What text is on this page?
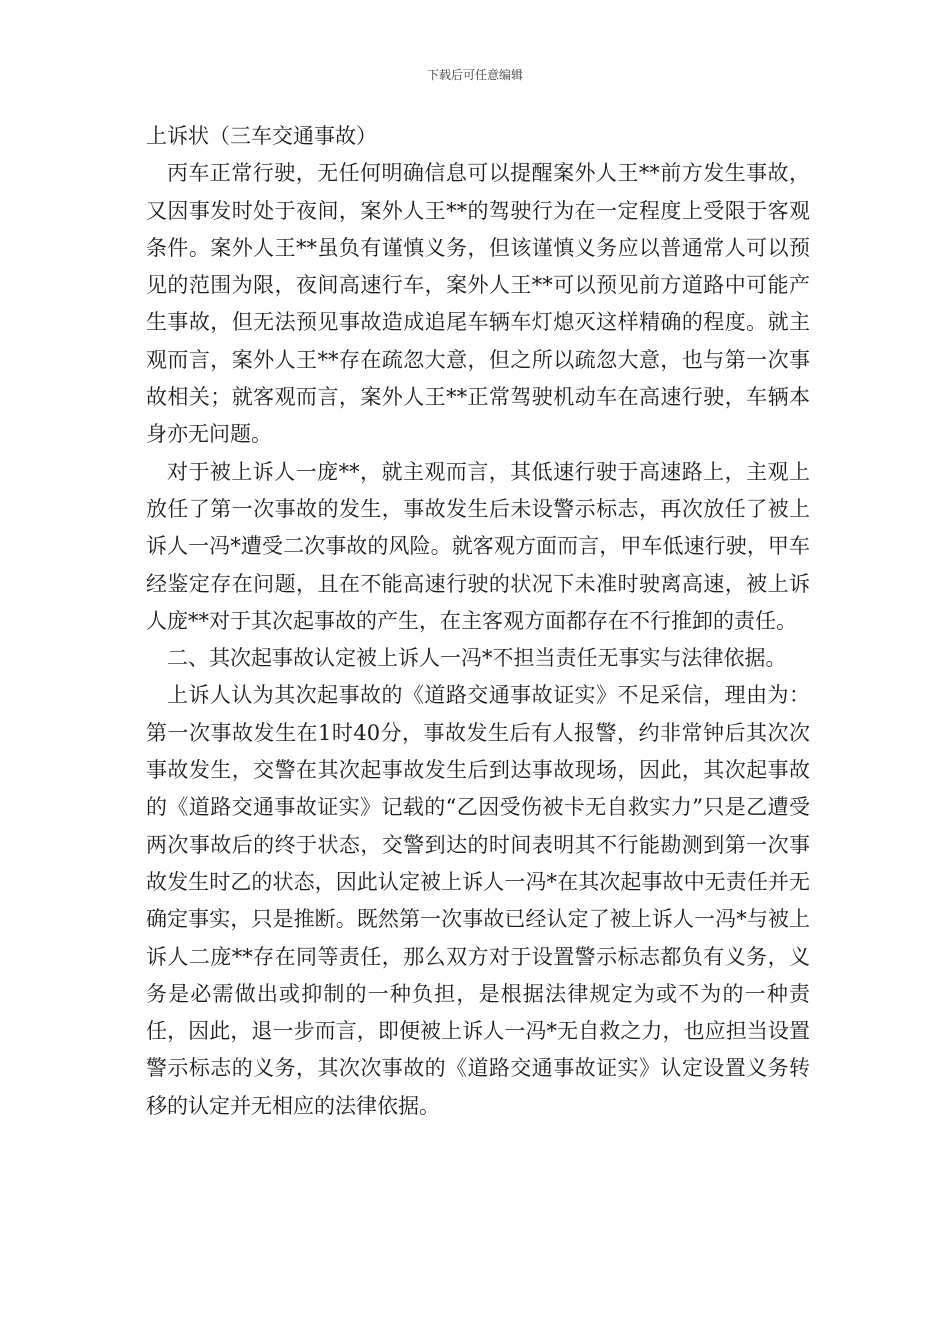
下载后可任意编辑

上诉状（三车交通事故）

丙车正常行驶，无任何明确信息可以提醒案外人王**前方发生事故，又因事发时处于夜间，案外人王**的驾驶行为在一定程度上受限于客观条件。案外人王**虽负有谨慎义务，但该谨慎义务应以普通常人可以预见的范围为限，夜间高速行车，案外人王**可以预见前方道路中可能产生事故，但无法预见事故造成追尾车辆车灯熄灭这样精确的程度。就主观而言，案外人王**存在疏忽大意，但之所以疏忽大意，也与第一次事故相关；就客观而言，案外人王**正常驾驶机动车在高速行驶，车辆本身亦无问题。

对于被上诉人一庞**，就主观而言，其低速行驶于高速路上，主观上放任了第一次事故的发生，事故发生后未设警示标志，再次放任了被上诉人一冯*遭受二次事故的风险。就客观方面而言，甲车低速行驶，甲车经鉴定存在问题，且在不能高速行驶的状况下未准时驶离高速，被上诉人庞**对于其次起事故的产生，在主客观方面都存在不行推卸的责任。

二、其次起事故认定被上诉人一冯*不担当责任无事实与法律依据。

上诉人认为其次起事故的《道路交通事故证实》不足采信，理由为：第一次事故发生在1时40分，事故发生后有人报警，约非常钟后其次次事故发生，交警在其次起事故发生后到达事故现场，因此，其次起事故的《道路交通事故证实》记载的“乙因受伤被卡无自救实力”只是乙遭受两次事故后的终于状态，交警到达的时间表明其不行能勘测到第一次事故发生时乙的状态，因此认定被上诉人一冯*在其次起事故中无责任并无确定事实，只是推断。既然第一次事故已经认定了被上诉人一冯*与被上诉人二庞**存在同等责任，那么双方对于设置警示标志都负有义务，义务是必需做出或抑制的一种负担，是根据法律规定为或不为的一种责任，因此，退一步而言，即便被上诉人一冯*无自救之力，也应担当设置警示标志的义务，其次次事故的《道路交通事故证实》认定设置义务转移的认定并无相应的法律依据。
